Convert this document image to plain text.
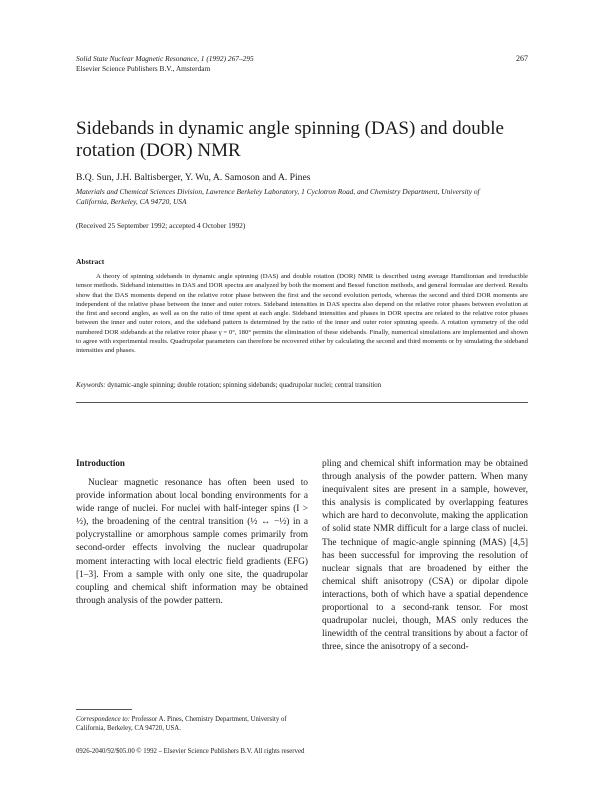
Solid State Nuclear Magnetic Resonance, 1 (1992) 267–295
Elsevier Science Publishers B.V., Amsterdam
267
Sidebands in dynamic angle spinning (DAS) and double rotation (DOR) NMR
B.Q. Sun, J.H. Baltisberger, Y. Wu, A. Samoson and A. Pines
Materials and Chemical Sciences Division, Lawrence Berkeley Laboratory, 1 Cyclotron Road, and Chemistry Department, University of California, Berkeley, CA 94720, USA
(Received 25 September 1992; accepted 4 October 1992)
Abstract
A theory of spinning sidebands in dynamic angle spinning (DAS) and double rotation (DOR) NMR is described using average Hamiltonian and irreducible tensor methods. Sideband intensities in DAS and DOR spectra are analyzed by both the moment and Bessel function methods, and general formulae are derived. Results show that the DAS moments depend on the relative rotor phase between the first and the second evolution periods, whereas the second and third DOR moments are independent of the relative phase between the inner and outer rotors. Sideband intensities in DAS spectra also depend on the relative rotor phases between evolution at the first and second angles, as well as on the ratio of time spent at each angle. Sideband intensities and phases in DOR spectra are related to the relative rotor phases between the inner and outer rotors, and the sideband pattern is determined by the ratio of the inner and outer rotor spinning speeds. A rotation symmetry of the odd numbered DOR sidebands at the relative rotor phase γ = 0°, 180° permits the elimination of these sidebands. Finally, numerical simulations are implemented and shown to agree with experimental results. Quadrupolar parameters can therefore be recovered either by calculating the second and third moments or by simulating the sideband intensities and phases.
Keywords: dynamic-angle spinning; double rotation; spinning sidebands; quadrupolar nuclei; central transition
Introduction
Nuclear magnetic resonance has often been used to provide information about local bonding environments for a wide range of nuclei. For nuclei with half-integer spins (I > ½), the broadening of the central transition (½ ↔ −½) in a polycrystalline or amorphous sample comes primarily from second-order effects involving the nuclear quadrupolar moment interacting with local electric field gradients (EFG) [1–3]. From a sample with only one site, the quadrupolar coupling and chemical shift information may be obtained through analysis of the powder pattern.
pling and chemical shift information may be obtained through analysis of the powder pattern. When many inequivalent sites are present in a sample, however, this analysis is complicated by overlapping features which are hard to deconvolute, making the application of solid state NMR difficult for a large class of nuclei. The technique of magic-angle spinning (MAS) [4,5] has been successful for improving the resolution of nuclear signals that are broadened by either the chemical shift anisotropy (CSA) or dipolar dipole interactions, both of which have a spatial dependence proportional to a second-rank tensor. For most quadrupolar nuclei, though, MAS only reduces the linewidth of the central transitions by about a factor of three, since the anisotropy of a second-
Correspondence to: Professor A. Pines, Chemistry Department, University of California, Berkeley, CA 94720, USA.
0926-2040/92/$05.00 © 1992 – Elsevier Science Publishers B.V. All rights reserved
